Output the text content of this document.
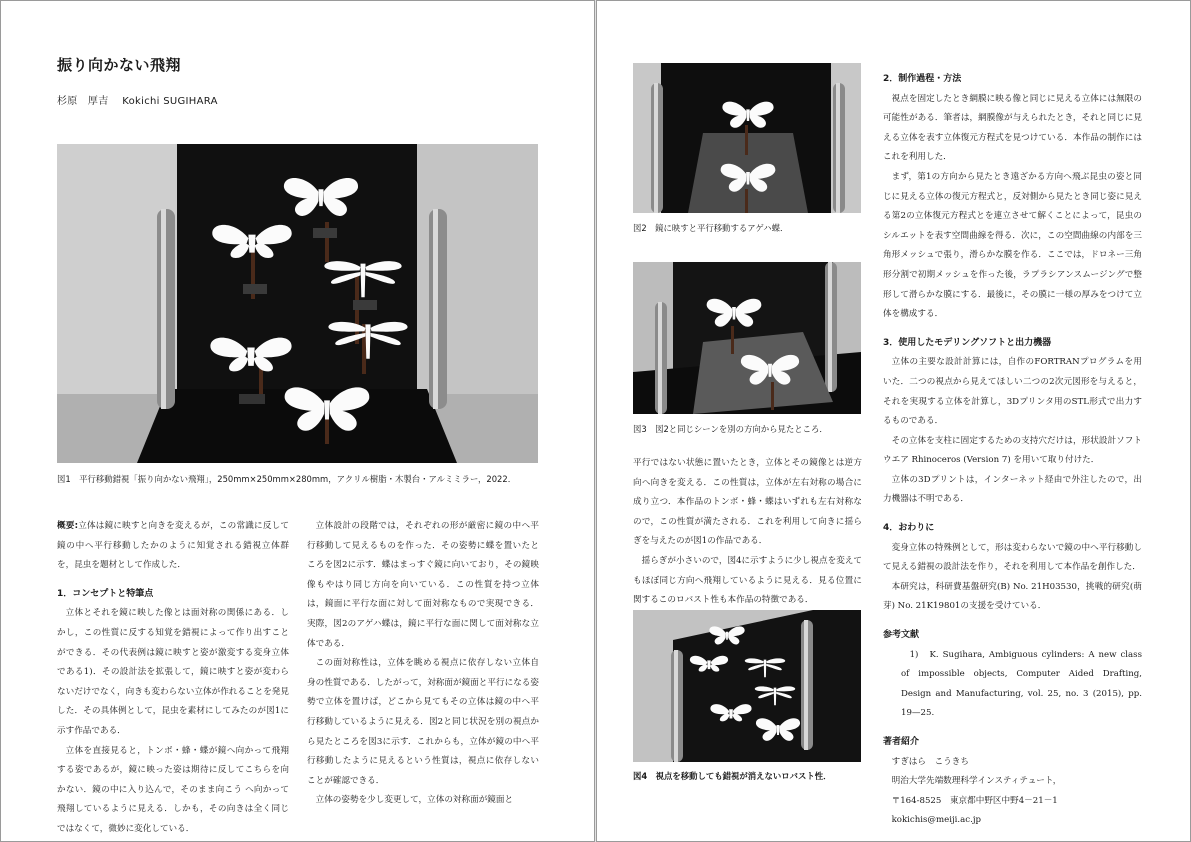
振り向かない飛翔
杉原　厚吉　 Kokichi SUGIHARA
図1　平行移動錯視「振り向かない飛翔」，250mm×250mm×280mm，アクリル樹脂・木製台・アルミミラー，2022．

概要:立体は鏡に映すと向きを変えるが，この常識に反して鏡の中へ平行移動したかのように知覚される錯視立体群を，昆虫を題材として作成した．

1．コンセプトと特筆点

立体とそれを鏡に映した像とは面対称の関係にある．しかし，この性質に反する知覚を錯視によって作り出すことができる．その代表例は鏡に映すと姿が激変する変身立体である1)．その設計法を拡張して，鏡に映すと姿が変わらないだけでなく，向きも変わらない立体が作れることを発見した．その具体例として，昆虫を素材にしてみたのが図1に示す作品である．

立体を直接見ると，トンボ・蜂・蝶が鏡へ向かって飛翔する姿であるが，鏡に映った姿は期待に反してこちらを向かない．鏡の中に入り込んで，そのまま向こう へ向かって飛翔しているように見える．しかも，その向きは全く同じではなくて，微妙に変化している．

立体設計の段階では，それぞれの形が厳密に鏡の中へ平行移動して見えるものを作った．その姿勢に蝶を置いたところを図2に示す．蝶はまっすぐ鏡に向いており，その鏡映像もやはり同じ方向を向いている．この性質を持つ立体は，鏡面に平行な面に対して面対称なもので実現できる．実際，図2のアゲハ蝶は，鏡に平行な面に関して面対称な立体である．

この面対称性は，立体を眺める視点に依存しない立体自身の性質である．したがって，対称面が鏡面と平行になる姿勢で立体を置けば，どこから見てもその立体は鏡の中へ平行移動しているように見える．図2と同じ状況を別の視点から見たところを図3に示す．これからも，立体が鏡の中へ平行移動したように見えるという性質は，視点に依存しないことが確認できる．

立体の姿勢を少し変更して，立体の対称面が鏡面と

図2　鏡に映すと平行移動するアゲハ蝶．
図3　図2と同じシーンを別の方向から見たところ．

平行ではない状態に置いたとき，立体とその鏡像とは逆方向へ向きを変える．この性質は，立体が左右対称の場合に成り立つ．本作品のトンボ・蜂・蝶はいずれも左右対称なので，この性質が満たされる．これを利用して向きに揺らぎを与えたのが図1の作品である．

揺らぎが小さいので，図4に示すように少し視点を変えてもほぼ同じ方向へ飛翔しているように見える．見る位置に関するこのロバスト性も本作品の特徴である．

図4　視点を移動しても錯視が消えないロバスト性．
2．制作過程・方法

視点を固定したとき網膜に映る像と同じに見える立体には無限の可能性がある．筆者は，網膜像が与えられたとき，それと同じに見える立体を表す立体復元方程式を見つけている．本作品の制作にはこれを利用した．

まず，第1の方向から見たとき遠ざかる方向へ飛ぶ昆虫の姿と同じに見える立体の復元方程式と，反対側から見たとき同じ姿に見える第2の立体復元方程式とを連立させて解くことによって，昆虫のシルエットを表す空間曲線を得る．次に，この空間曲線の内部を三角形メッシュで張り，滑らかな膜を作る．ここでは，ドロネー三角形分割で初期メッシュを作った後，ラプラシアンスムージングで整形して滑らかな膜にする．最後に，その膜に一様の厚みをつけて立体を構成する．

3．使用したモデリングソフトと出力機器

立体の主要な設計計算には，自作のFORTRANプログラムを用いた．二つの視点から見えてほしい二つの2次元図形を与えると，それを実現する立体を計算し，3Dプリンタ用のSTL形式で出力するものである．

その立体を支柱に固定するための支持穴だけは，形状設計ソフトウエア Rhinoceros (Version 7) を用いて取り付けた．

立体の3Dプリントは，インターネット経由で外注したので，出力機器は不明である．

4．おわりに

変身立体の特殊例として，形は変わらないで鏡の中へ平行移動して見える錯視の設計法を作り，それを利用して本作品を創作した．

本研究は，科研費基盤研究(B) No. 21H03530，挑戦的研究(萌芽) No. 21K19801の支援を受けている．

参考文献

1)　K. Sugihara, Ambiguous cylinders: A new class of impossible objects, Computer Aided Drafting, Design and Manufacturing, vol. 25, no. 3 (2015), pp. 19—25.

著者紹介

すぎはら　こうきち

明治大学先端数理科学インスティテュート，

〒164-8525　東京都中野区中野4－21－1

kokichis@meiji.ac.jp
